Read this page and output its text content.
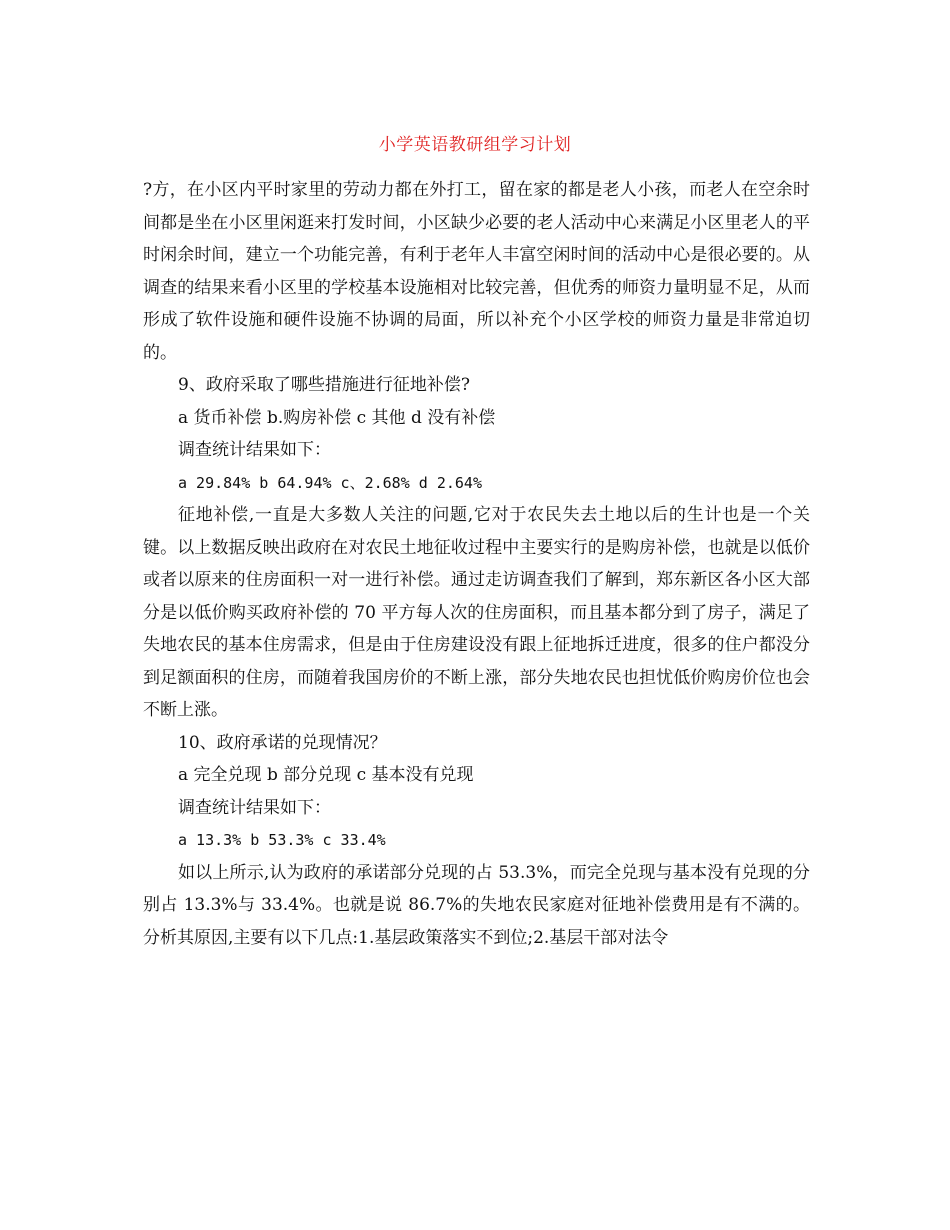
小学英语教研组学习计划

?方，在小区内平时家里的劳动力都在外打工，留在家的都是老人小孩，而老人在空余时间都是坐在小区里闲逛来打发时间，小区缺少必要的老人活动中心来满足小区里老人的平时闲余时间，建立一个功能完善，有利于老年人丰富空闲时间的活动中心是很必要的。从调查的结果来看小区里的学校基本设施相对比较完善，但优秀的师资力量明显不足，从而形成了软件设施和硬件设施不协调的局面，所以补充个小区学校的师资力量是非常迫切的。

9、政府采取了哪些措施进行征地补偿?

a 货币补偿 b.购房补偿 c 其他 d 没有补偿

调查统计结果如下：

a 29.84% b 64.94% c、2.68% d 2.64%

征地补偿,一直是大多数人关注的问题,它对于农民失去土地以后的生计也是一个关键。以上数据反映出政府在对农民土地征收过程中主要实行的是购房补偿，也就是以低价或者以原来的住房面积一对一进行补偿。通过走访调查我们了解到，郑东新区各小区大部分是以低价购买政府补偿的 70 平方每人次的住房面积，而且基本都分到了房子，满足了失地农民的基本住房需求，但是由于住房建设没有跟上征地拆迁进度，很多的住户都没分到足额面积的住房，而随着我国房价的不断上涨，部分失地农民也担忧低价购房价位也会不断上涨。

10、政府承诺的兑现情况？

a 完全兑现 b 部分兑现 c 基本没有兑现

调查统计结果如下：

a 13.3% b 53.3% c 33.4%

如以上所示,认为政府的承诺部分兑现的占 53.3%，而完全兑现与基本没有兑现的分别占 13.3%与 33.4%。也就是说 86.7%的失地农民家庭对征地补偿费用是有不满的。分析其原因,主要有以下几点:1.基层政策落实不到位;2.基层干部对法令
